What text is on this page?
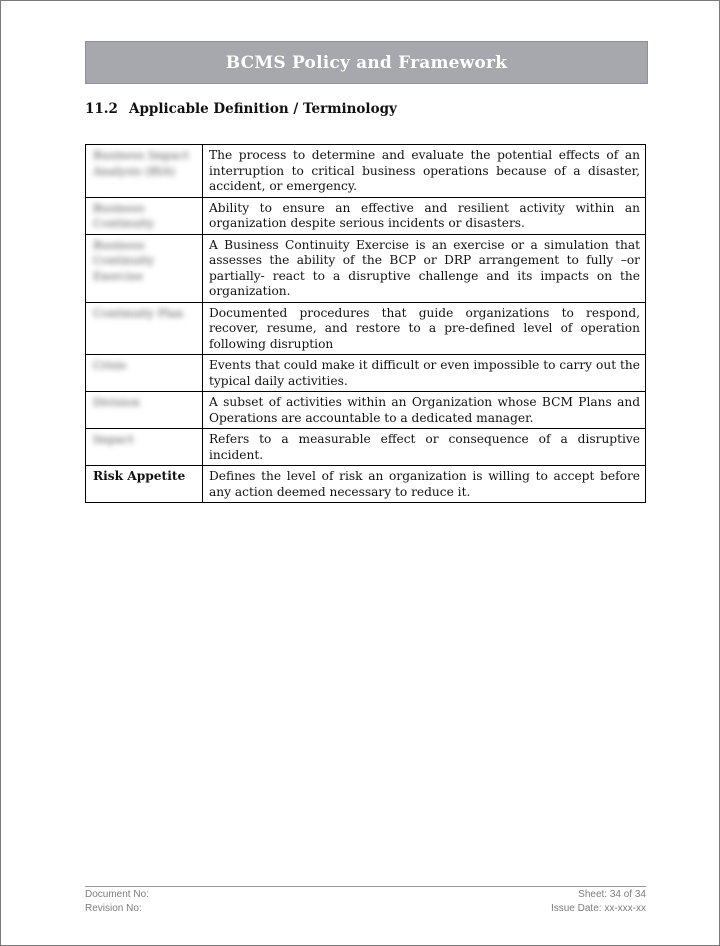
BCMS Policy and Framework
11.2 Applicable Definition / Terminology
Business Impact Analysis (BIA)	The process to determine and evaluate the potential effects of an interruption to critical business operations because of a disaster, accident, or emergency.
Business Continuity	Ability to ensure an effective and resilient activity within an organization despite serious incidents or disasters.
Business Continuity Exercise	A Business Continuity Exercise is an exercise or a simulation that assesses the ability of the BCP or DRP arrangement to fully –or partially- react to a disruptive challenge and its impacts on the organization.
Continuity Plan	Documented procedures that guide organizations to respond, recover, resume, and restore to a pre-defined level of operation following disruption
Crisis	Events that could make it difficult or even impossible to carry out the typical daily activities.
Division	A subset of activities within an Organization whose BCM Plans and Operations are accountable to a dedicated manager.
Impact	Refers to a measurable effect or consequence of a disruptive incident.
Risk Appetite	Defines the level of risk an organization is willing to accept before any action deemed necessary to reduce it.
Document No:
Revision No:
Sheet: 34 of 34
Issue Date: xx-xxx-xx
